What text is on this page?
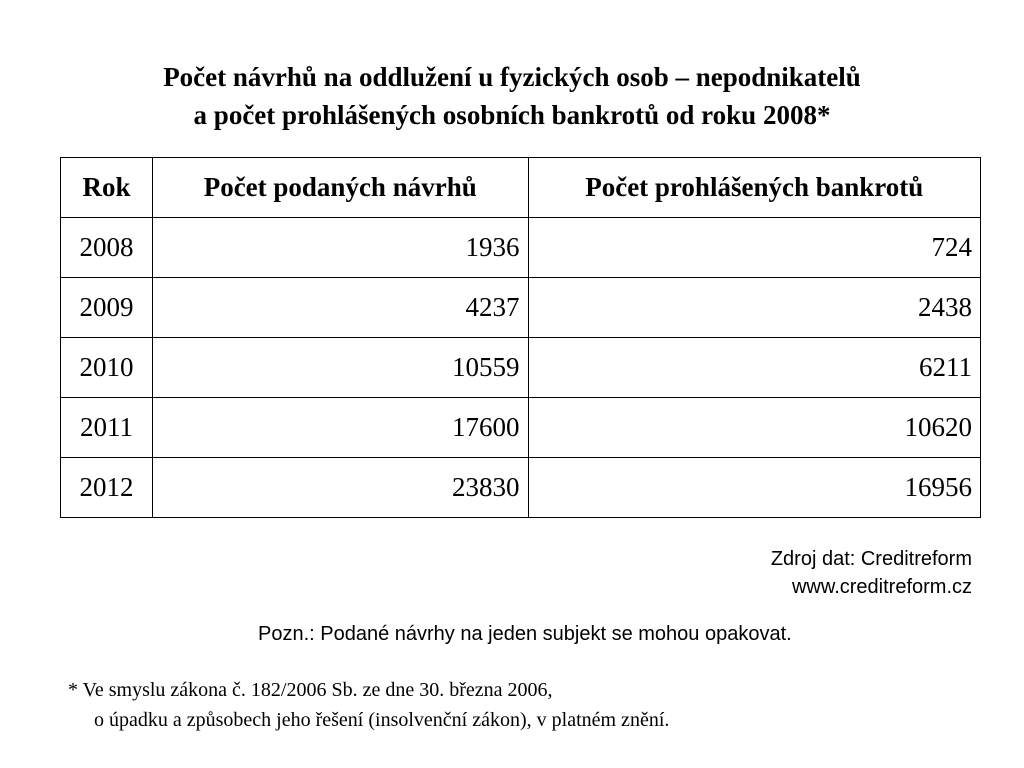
Počet návrhů na oddlužení u fyzických osob – nepodnikatelů
a počet prohlášených osobních bankrotů od roku 2008*
Rok	Počet podaných návrhů	Počet prohlášených bankrotů
2008	1936	724
2009	4237	2438
2010	10559	6211
2011	17600	10620
2012	23830	16956
Zdroj dat: Creditreform
www.creditreform.cz
Pozn.: Podané návrhy na jeden subjekt se mohou opakovat.
* Ve smyslu zákona č. 182/2006 Sb. ze dne 30. března 2006,
o úpadku a způsobech jeho řešení (insolvenční zákon), v platném znění.
